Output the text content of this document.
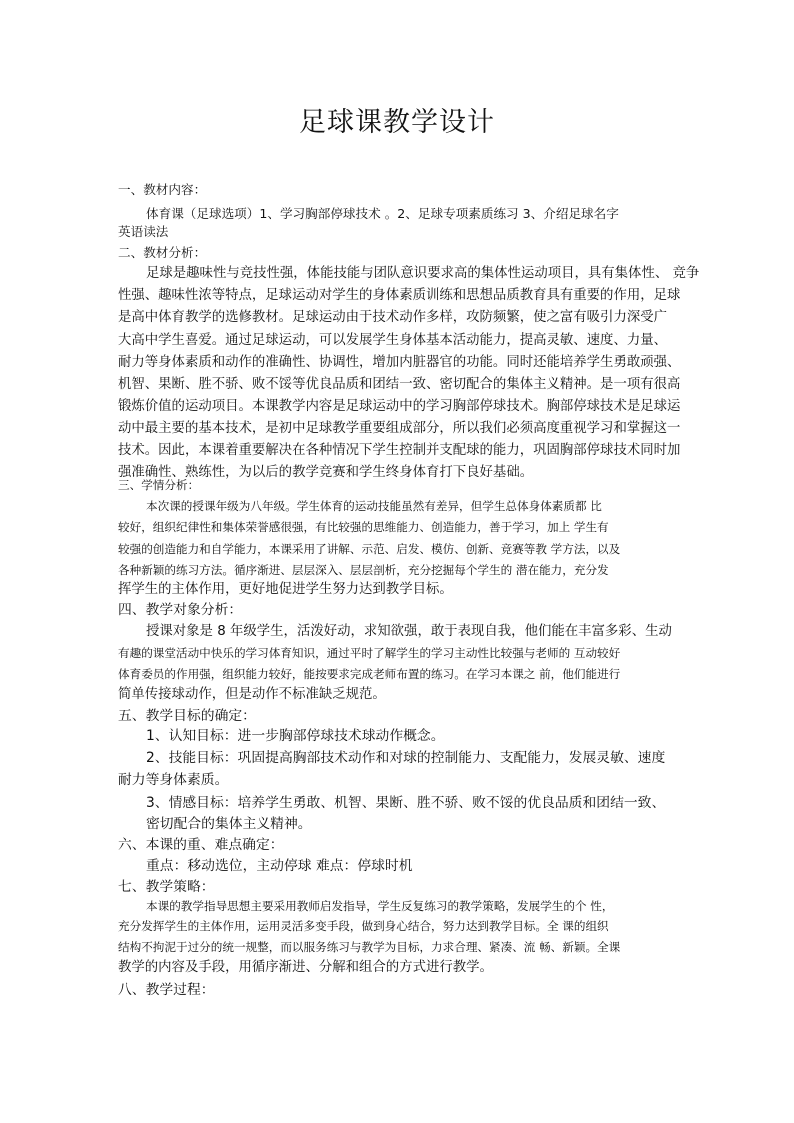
足球课教学设计

一、教材内容：

体育课（足球选项）1、学习胸部停球技术 。2、足球专项素质练习 3、介绍足球名字

英语读法

二、教材分析：

足球是趣味性与竞技性强，体能技能与团队意识要求高的集体性运动项目，具有集体性、 竞争

性强、趣味性浓等特点，足球运动对学生的身体素质训练和思想品质教育具有重要的作用，足球

是高中体育教学的选修教材。足球运动由于技术动作多样，攻防频繁，使之富有吸引力深受广

大高中学生喜爱。通过足球运动，可以发展学生身体基本活动能力，提高灵敏、速度、力量、

耐力等身体素质和动作的准确性、协调性，增加内脏器官的功能。同时还能培养学生勇敢顽强、

机智、果断、胜不骄、败不馁等优良品质和团结一致、密切配合的集体主义精神。是一项有很高

锻炼价值的运动项目。本课教学内容是足球运动中的学习胸部停球技术。胸部停球技术是足球运

动中最主要的基本技术，是初中足球教学重要组成部分，所以我们必须高度重视学习和掌握这一

技术。因此，本课着重要解决在各种情况下学生控制并支配球的能力，巩固胸部停球技术同时加

强准确性、熟练性，为以后的教学竞赛和学生终身体育打下良好基础。

三、学情分析：

本次课的授课年级为八年级。学生体育的运动技能虽然有差异，但学生总体身体素质都 比

较好，组织纪律性和集体荣誉感很强，有比较强的思维能力、创造能力，善于学习，加上 学生有

较强的创造能力和自学能力，本课采用了讲解、示范、启发、模仿、创新、竞赛等教 学方法，以及

各种新颖的练习方法。循序渐进、层层深入、层层剖析，充分挖掘每个学生的 潜在能力，充分发

挥学生的主体作用，更好地促进学生努力达到教学目标。

四、教学对象分析：

授课对象是 8 年级学生，活泼好动，求知欲强，敢于表现自我，他们能在丰富多彩、生动

有趣的课堂活动中快乐的学习体育知识，通过平时了解学生的学习主动性比较强与老师的 互动较好

体育委员的作用强，组织能力较好，能按要求完成老师布置的练习。在学习本课之 前，他们能进行

简单传接球动作，但是动作不标准缺乏规范。

五、教学目标的确定：

1、认知目标：进一步胸部停球技术球动作概念。

2、技能目标：巩固提高胸部技术动作和对球的控制能力、支配能力，发展灵敏、速度

耐力等身体素质。

3、情感目标：培养学生勇敢、机智、果断、胜不骄、败不馁的优良品质和团结一致、

密切配合的集体主义精神。

六、本课的重、难点确定：

重点：移动选位，主动停球 难点：停球时机

七、教学策略：

本课的教学指导思想主要采用教师启发指导，学生反复练习的教学策略，发展学生的个 性，

充分发挥学生的主体作用，运用灵活多变手段，做到身心结合，努力达到教学目标。全 课的组织

结构不拘泥于过分的统一规整，而以服务练习与教学为目标，力求合理、紧凑、流 畅、新颖。全课

教学的内容及手段，用循序渐进、分解和组合的方式进行教学。

八、教学过程：
